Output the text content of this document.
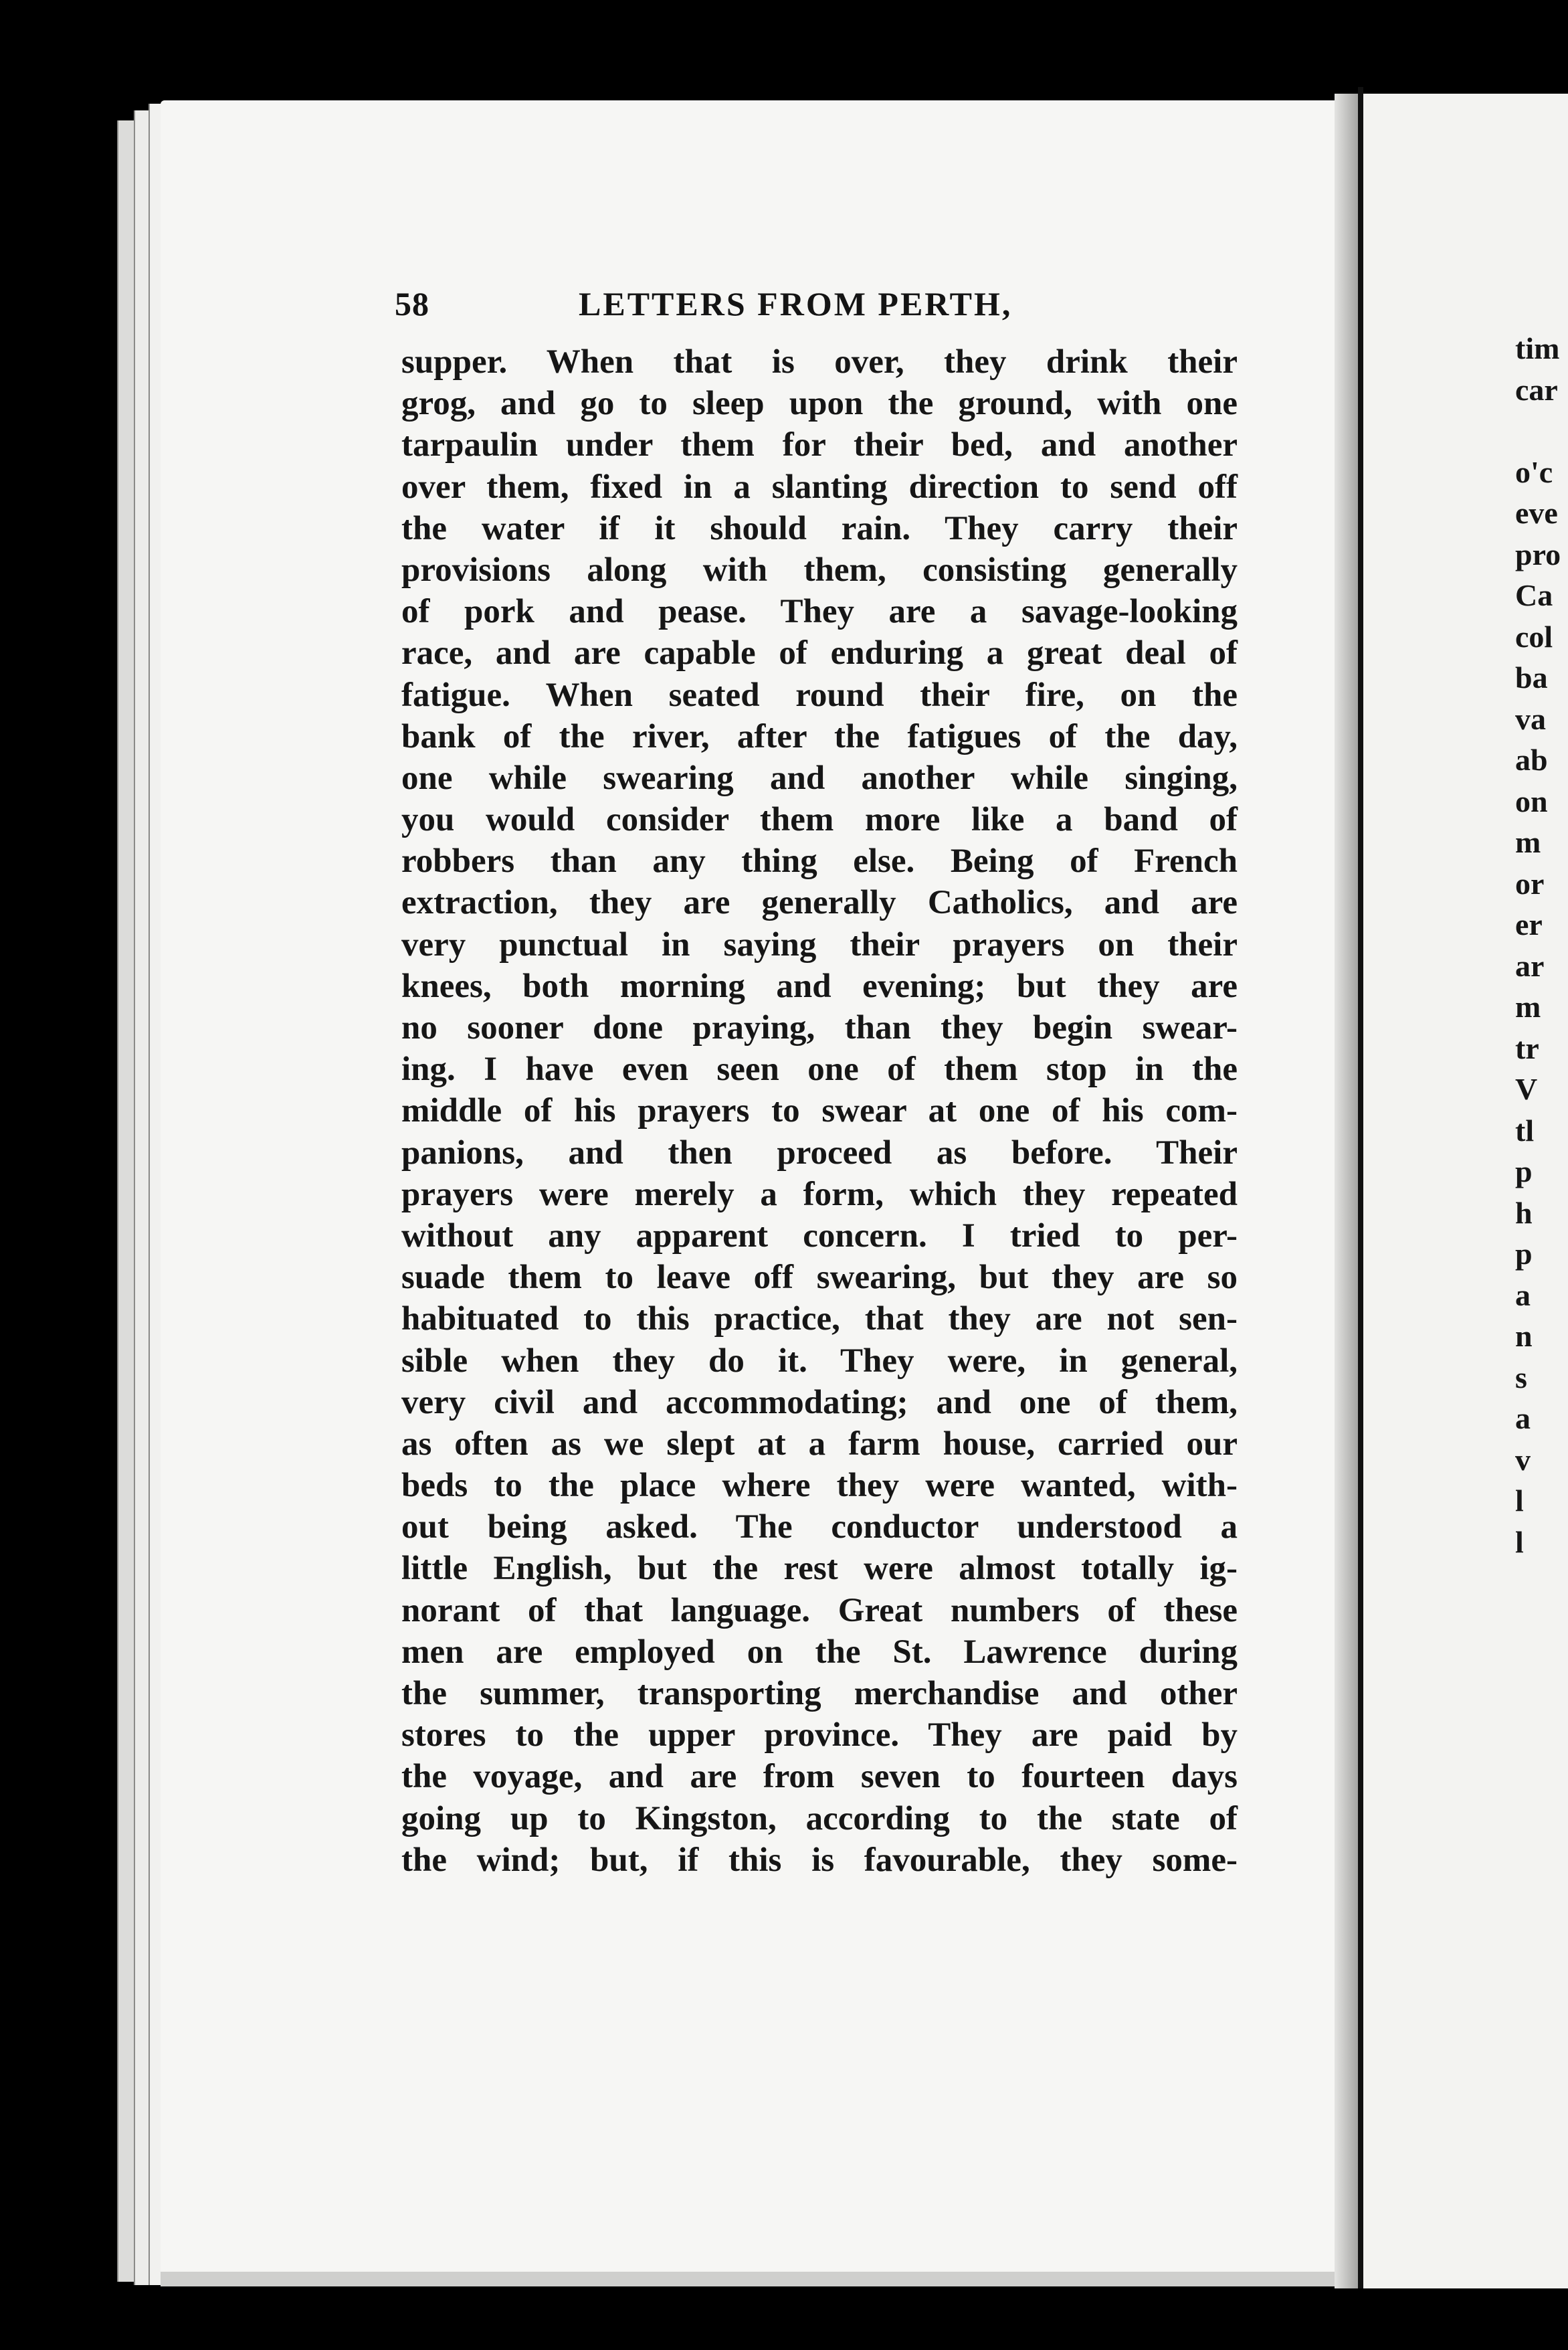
58	LETTERS FROM PERTH,
supper. When that is over, they drink their
grog, and go to sleep upon the ground, with one
tarpaulin under them for their bed, and another
over them, fixed in a slanting direction to send off
the water if it should rain. They carry their
provisions along with them, consisting generally
of pork and pease. They are a savage-looking
race, and are capable of enduring a great deal of
fatigue. When seated round their fire, on the
bank of the river, after the fatigues of the day,
one while swearing and another while singing,
you would consider them more like a band of
robbers than any thing else. Being of French
extraction, they are generally Catholics, and are
very punctual in saying their prayers on their
knees, both morning and evening; but they are
no sooner done praying, than they begin swear-
ing. I have even seen one of them stop in the
middle of his prayers to swear at one of his com-
panions, and then proceed as before. Their
prayers were merely a form, which they repeated
without any apparent concern. I tried to per-
suade them to leave off swearing, but they are so
habituated to this practice, that they are not sen-
sible when they do it. They were, in general,
very civil and accommodating; and one of them,
as often as we slept at a farm house, carried our
beds to the place where they were wanted, with-
out being asked. The conductor understood a
little English, but the rest were almost totally ig-
norant of that language. Great numbers of these
men are employed on the St. Lawrence during
the summer, transporting merchandise and other
stores to the upper province. They are paid by
the voyage, and are from seven to fourteen days
going up to Kingston, according to the state of
the wind; but, if this is favourable, they some-
tim
car
o'c
eve
pro
Ca
col
ba
va
ab
on
m
or
er
ar
m
tr
V
tl
p
h
p
a
n
s
a
v
l
l
